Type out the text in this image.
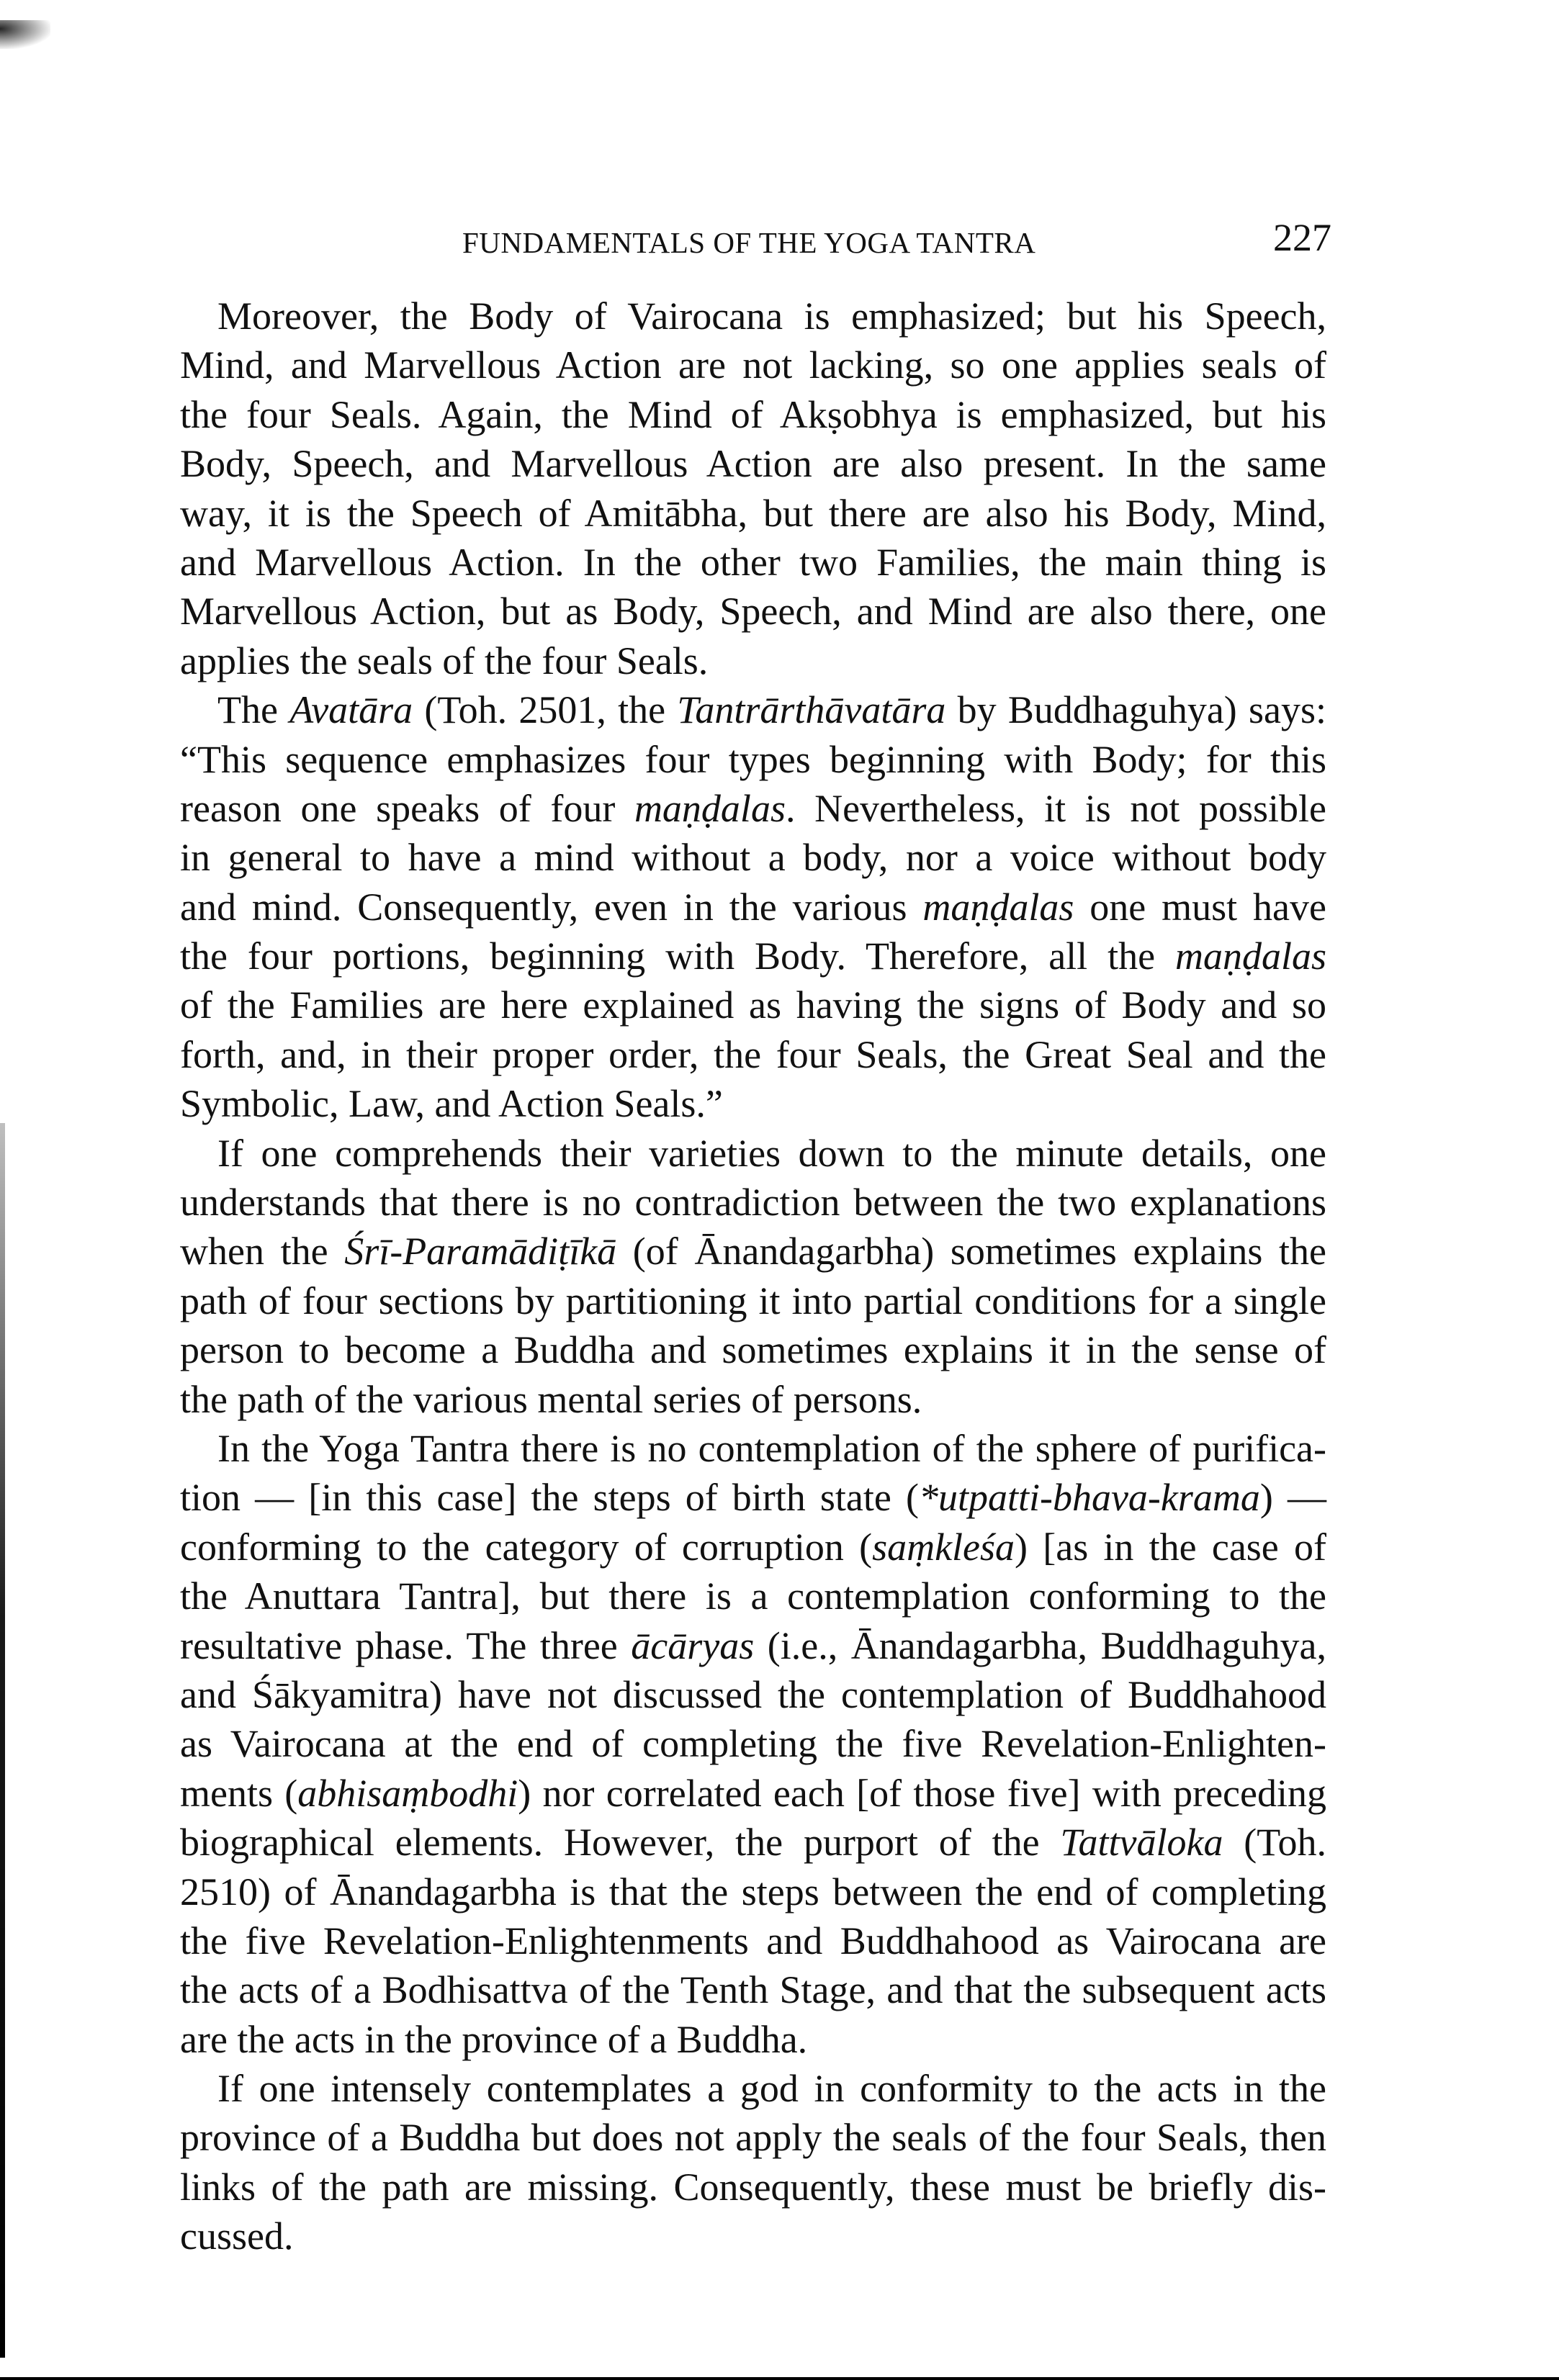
FUNDAMENTALS OF THE YOGA TANTRA	227
Moreover, the Body of Vairocana is emphasized; but his Speech,
Mind, and Marvellous Action are not lacking, so one applies seals of
the four Seals. Again, the Mind of Akṣobhya is emphasized, but his
Body, Speech, and Marvellous Action are also present. In the same
way, it is the Speech of Amitābha, but there are also his Body, Mind,
and Marvellous Action. In the other two Families, the main thing is
Marvellous Action, but as Body, Speech, and Mind are also there, one
applies the seals of the four Seals.
The Avatāra (Toh. 2501, the Tantrārthāvatāra by Buddhaguhya) says:
“This sequence emphasizes four types beginning with Body; for this
reason one speaks of four maṇḍalas. Nevertheless, it is not possible
in general to have a mind without a body, nor a voice without body
and mind. Consequently, even in the various maṇḍalas one must have
the four portions, beginning with Body. Therefore, all the maṇḍalas
of the Families are here explained as having the signs of Body and so
forth, and, in their proper order, the four Seals, the Great Seal and the
Symbolic, Law, and Action Seals.”
If one comprehends their varieties down to the minute details, one
understands that there is no contradiction between the two explanations
when the Śrī-Paramādiṭīkā (of Ānandagarbha) sometimes explains the
path of four sections by partitioning it into partial conditions for a single
person to become a Buddha and sometimes explains it in the sense of
the path of the various mental series of persons.
In the Yoga Tantra there is no contemplation of the sphere of purifica-
tion — [in this case] the steps of birth state (*utpatti-bhava-krama) —
conforming to the category of corruption (saṃkleśa) [as in the case of
the Anuttara Tantra], but there is a contemplation conforming to the
resultative phase. The three ācāryas (i.e., Ānandagarbha, Buddhaguhya,
and Śākyamitra) have not discussed the contemplation of Buddhahood
as Vairocana at the end of completing the five Revelation-Enlighten-
ments (abhisaṃbodhi) nor correlated each [of those five] with preceding
biographical elements. However, the purport of the Tattvāloka (Toh.
2510) of Ānandagarbha is that the steps between the end of completing
the five Revelation-Enlightenments and Buddhahood as Vairocana are
the acts of a Bodhisattva of the Tenth Stage, and that the subsequent acts
are the acts in the province of a Buddha.
If one intensely contemplates a god in conformity to the acts in the
province of a Buddha but does not apply the seals of the four Seals, then
links of the path are missing. Consequently, these must be briefly dis-
cussed.
